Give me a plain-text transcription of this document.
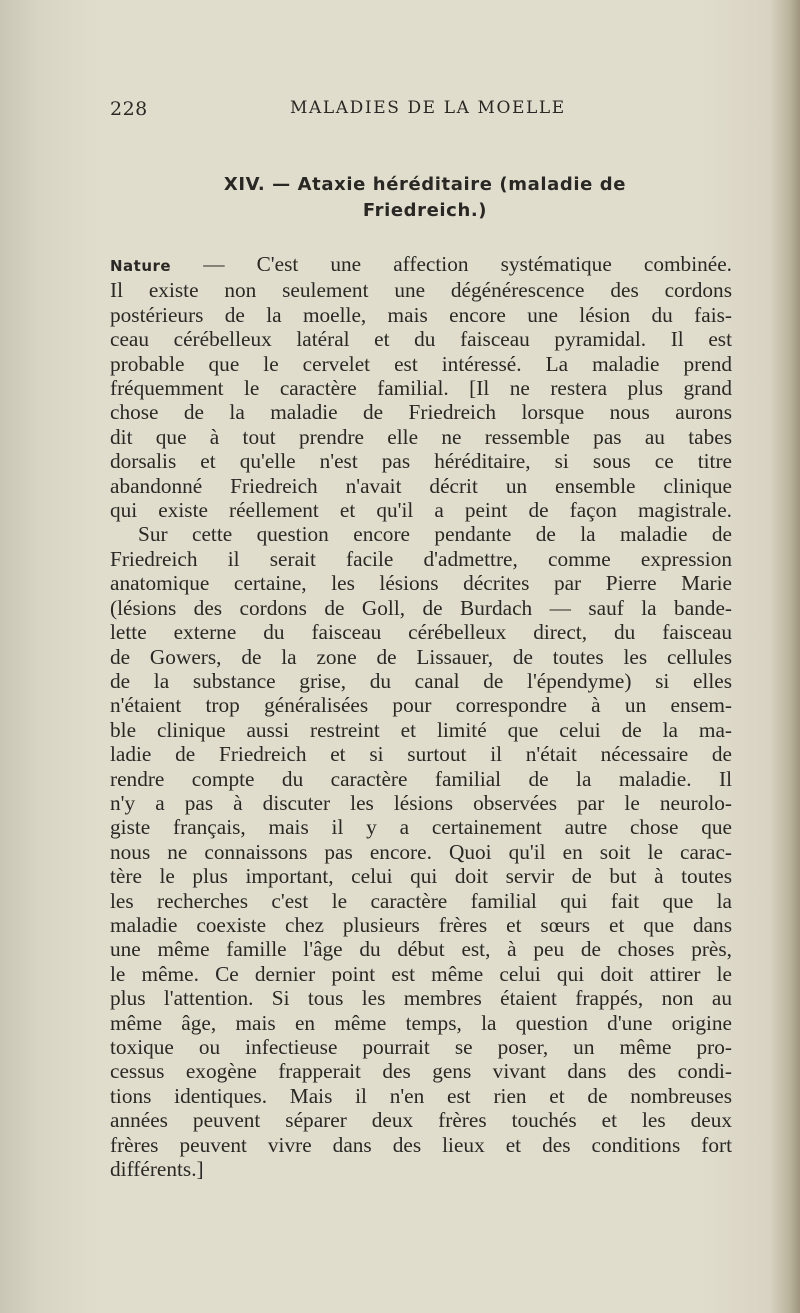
228	MALADIES DE LA MOELLE
XIV. — Ataxie héréditaire (maladie de
Friedreich.)
Nature — C'est une affection systématique combinée.
Il existe non seulement une dégénérescence des cordons
postérieurs de la moelle, mais encore une lésion du fais-
ceau cérébelleux latéral et du faisceau pyramidal. Il est
probable que le cervelet est intéressé. La maladie prend
fréquemment le caractère familial. [Il ne restera plus grand
chose de la maladie de Friedreich lorsque nous aurons
dit que à tout prendre elle ne ressemble pas au tabes
dorsalis et qu'elle n'est pas héréditaire, si sous ce titre
abandonné Friedreich n'avait décrit un ensemble clinique
qui existe réellement et qu'il a peint de façon magistrale.
Sur cette question encore pendante de la maladie de
Friedreich il serait facile d'admettre, comme expression
anatomique certaine, les lésions décrites par Pierre Marie
(lésions des cordons de Goll, de Burdach — sauf la bande-
lette externe du faisceau cérébelleux direct, du faisceau
de Gowers, de la zone de Lissauer, de toutes les cellules
de la substance grise, du canal de l'épendyme) si elles
n'étaient trop généralisées pour correspondre à un ensem-
ble clinique aussi restreint et limité que celui de la ma-
ladie de Friedreich et si surtout il n'était nécessaire de
rendre compte du caractère familial de la maladie. Il
n'y a pas à discuter les lésions observées par le neurolo-
giste français, mais il y a certainement autre chose que
nous ne connaissons pas encore. Quoi qu'il en soit le carac-
tère le plus important, celui qui doit servir de but à toutes
les recherches c'est le caractère familial qui fait que la
maladie coexiste chez plusieurs frères et sœurs et que dans
une même famille l'âge du début est, à peu de choses près,
le même. Ce dernier point est même celui qui doit attirer le
plus l'attention. Si tous les membres étaient frappés, non au
même âge, mais en même temps, la question d'une origine
toxique ou infectieuse pourrait se poser, un même pro-
cessus exogène frapperait des gens vivant dans des condi-
tions identiques. Mais il n'en est rien et de nombreuses
années peuvent séparer deux frères touchés et les deux
frères peuvent vivre dans des lieux et des conditions fort
différents.]
